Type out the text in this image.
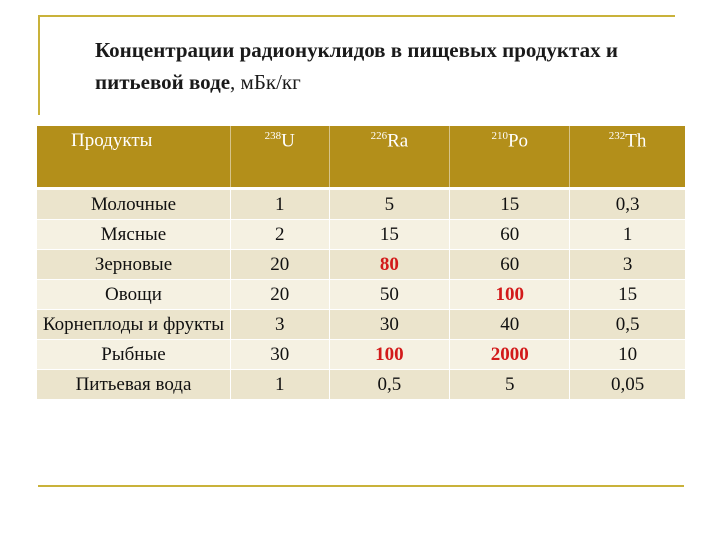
Концентрации радионуклидов в пищевых продуктах и питьевой воде, мБк/кг
Продукты	$^{238}$U	$^{226}$Ra	$^{210}$Po	$^{232}$Th
Молочные	1	5	15	0,3
Мясные	2	15	60	1
Зерновые	20	80	60	3
Овощи	20	50	100	15
Корнеплоды и фрукты	3	30	40	0,5
Рыбные	30	100	2000	10
Питьевая вода	1	0,5	5	0,05
